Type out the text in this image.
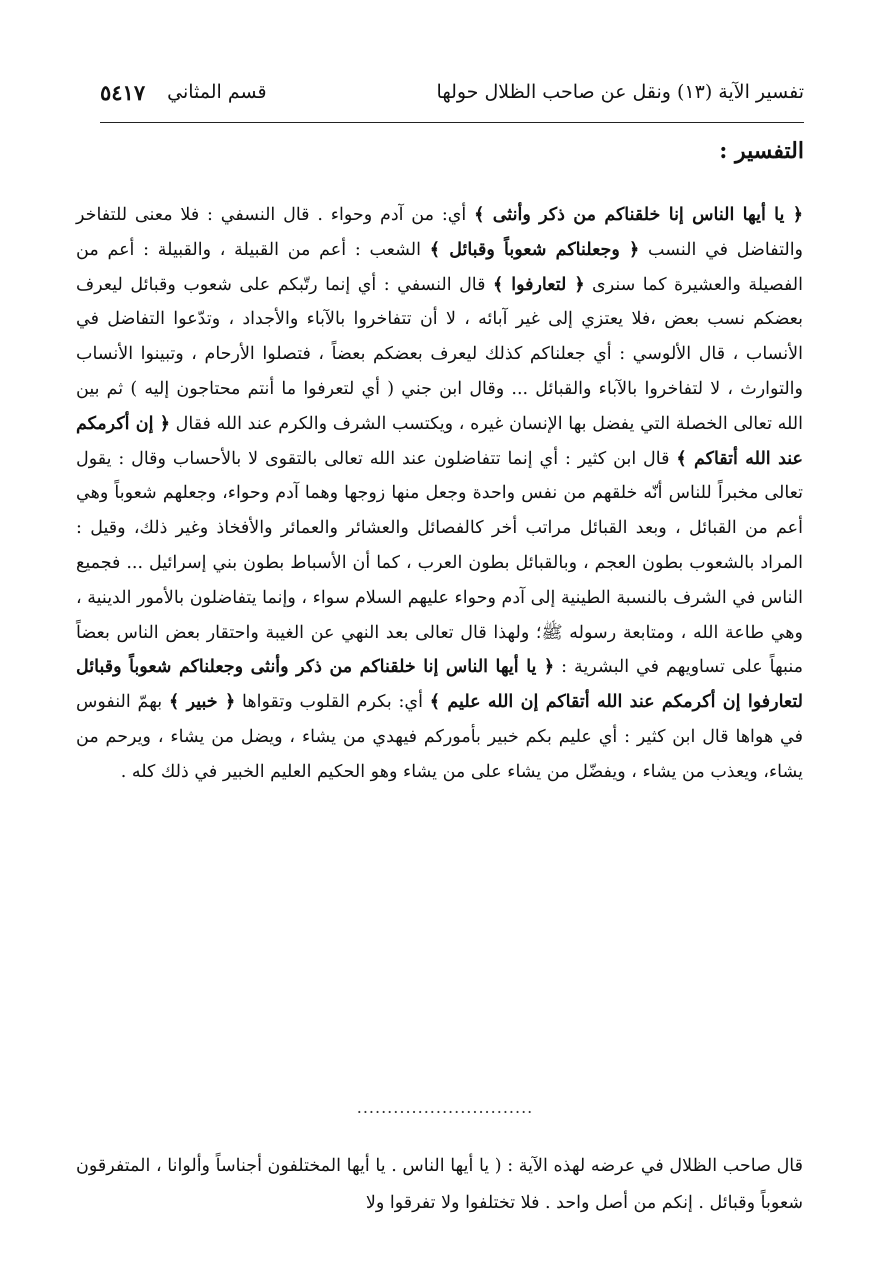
تفسير الآية (١٣) ونقل عن صاحب الظلال حولها
قسم المثاني
٥٤١٧
التفسير :
﴿ يا أيها الناس إنا خلقناكم من ذكر وأنثى ﴾ أي: من آدم وحواء . قال النسفي : فلا معنى للتفاخر والتفاضل في النسب ﴿ وجعلناكم شعوباً وقبائل ﴾ الشعب : أعم من القبيلة ، والقبيلة : أعم من الفصيلة والعشيرة كما سنرى ﴿ لتعارفوا ﴾ قال النسفي : أي إنما رتّبكم على شعوب وقبائل ليعرف بعضكم نسب بعض ،فلا يعتزي إلى غير آبائه ، لا أن تتفاخروا بالآباء والأجداد ، وتدّعوا التفاضل في الأنساب ، قال الألوسي : أي جعلناكم كذلك ليعرف بعضكم بعضاً ، فتصلوا الأرحام ، وتبينوا الأنساب والتوارث ، لا لتفاخروا بالآباء والقبائل ... وقال ابن جني ( أي لتعرفوا ما أنتم محتاجون إليه ) ثم بين الله تعالى الخصلة التي يفضل بها الإنسان غيره ، ويكتسب الشرف والكرم عند الله فقال ﴿ إن أكرمكم عند الله أتقاكم ﴾ قال ابن كثير : أي إنما تتفاضلون عند الله تعالى بالتقوى لا بالأحساب وقال : يقول تعالى مخبراً للناس أنّه خلقهم من نفس واحدة وجعل منها زوجها وهما آدم وحواء، وجعلهم شعوباً وهي أعم من القبائل ، وبعد القبائل مراتب أخر كالفصائل والعشائر والعمائر والأفخاذ وغير ذلك، وقيل : المراد بالشعوب بطون العجم ، وبالقبائل بطون العرب ، كما أن الأسباط بطون بني إسرائيل ... فجميع الناس في الشرف بالنسبة الطينية إلى آدم وحواء عليهم السلام سواء ، وإنما يتفاضلون بالأمور الدينية ، وهي طاعة الله ، ومتابعة رسوله ﷺ؛ ولهذا قال تعالى بعد النهي عن الغيبة واحتقار بعض الناس بعضاً منبهاً على تساويهم في البشرية : ﴿ يا أيها الناس إنا خلقناكم من ذكر وأنثى وجعلناكم شعوباً وقبائل لتعارفوا إن أكرمكم عند الله أتقاكم إن الله عليم ﴾ أي: بكرم القلوب وتقواها ﴿ خبير ﴾ بهمّ النفوس في هواها قال ابن كثير : أي عليم بكم خبير بأموركم فيهدي من يشاء ، ويضل من يشاء ، ويرحم من يشاء، ويعذب من يشاء ، ويفضّل من يشاء على من يشاء وهو الحكيم العليم الخبير في ذلك كله .
.............................
قال صاحب الظلال في عرضه لهذه الآية : ( يا أيها الناس . يا أيها المختلفون أجناساً وألوانا ، المتفرقون شعوباً وقبائل . إنكم من أصل واحد . فلا تختلفوا ولا تفرقوا ولا
